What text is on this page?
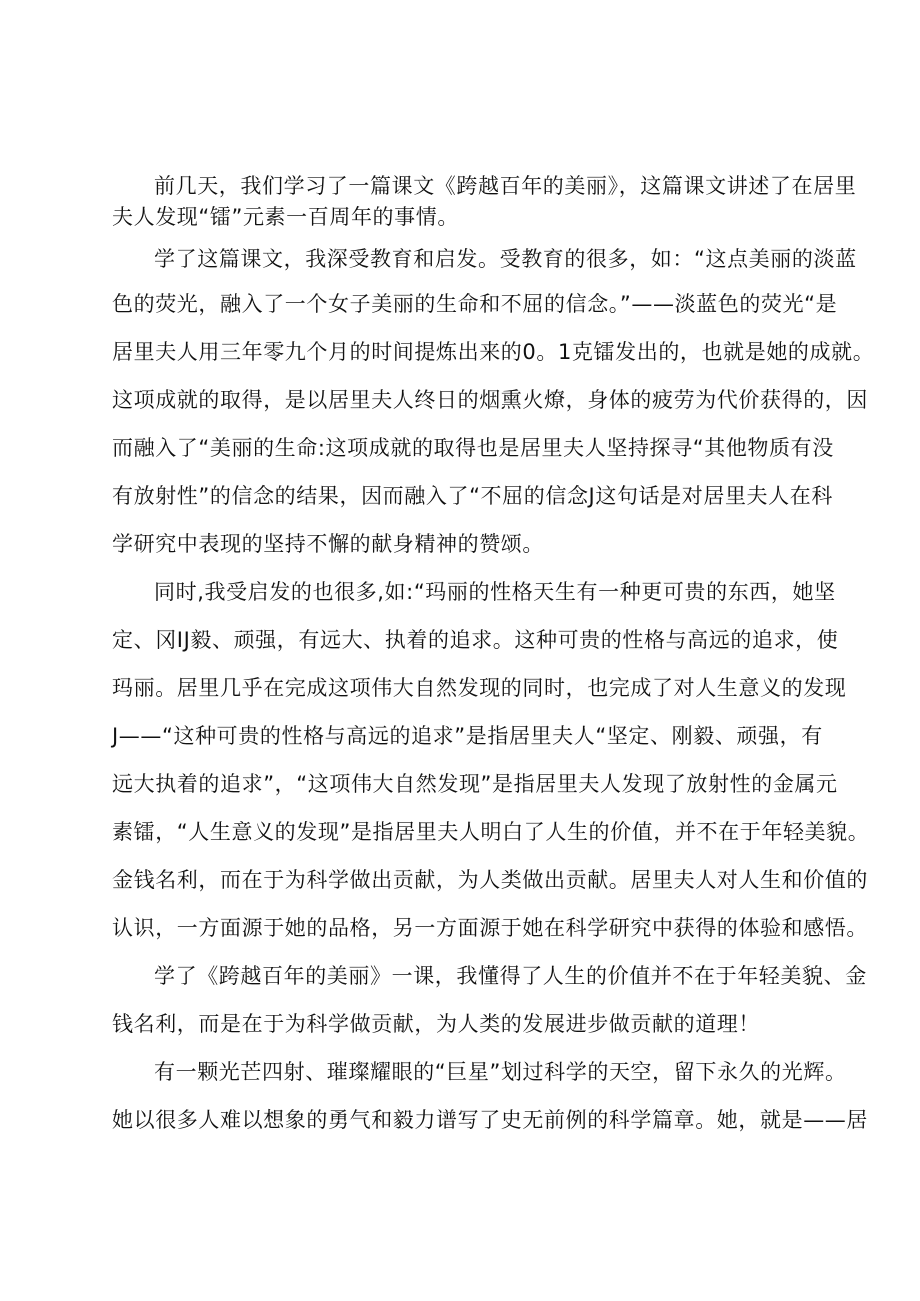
前几天，我们学习了一篇课文《跨越百年的美丽》，这篇课文讲述了在居里

夫人发现“镭”元素一百周年的事情。

学了这篇课文，我深受教育和启发。受教育的很多，如：“这点美丽的淡蓝

色的荧光，融入了一个女子美丽的生命和不屈的信念。”——淡蓝色的荧光“是

居里夫人用三年零九个月的时间提炼出来的0。1克镭发出的，也就是她的成就。

这项成就的取得，是以居里夫人终日的烟熏火燎，身体的疲劳为代价获得的，因

而融入了“美丽的生命:这项成就的取得也是居里夫人坚持探寻“其他物质有没

有放射性”的信念的结果，因而融入了“不屈的信念J这句话是对居里夫人在科

学研究中表现的坚持不懈的献身精神的赞颂。

同时,我受启发的也很多,如:“玛丽的性格天生有一种更可贵的东西，她坚

定、冈IJ毅、顽强，有远大、执着的追求。这种可贵的性格与高远的追求，使

玛丽。居里几乎在完成这项伟大自然发现的同时，也完成了对人生意义的发现

J——“这种可贵的性格与高远的追求”是指居里夫人“坚定、刚毅、顽强，有

远大执着的追求”，“这项伟大自然发现”是指居里夫人发现了放射性的金属元

素镭，“人生意义的发现”是指居里夫人明白了人生的价值，并不在于年轻美貌。

金钱名利，而在于为科学做出贡献，为人类做出贡献。居里夫人对人生和价值的

认识，一方面源于她的品格，另一方面源于她在科学研究中获得的体验和感悟。

学了《跨越百年的美丽》一课，我懂得了人生的价值并不在于年轻美貌、金

钱名利，而是在于为科学做贡献，为人类的发展进步做贡献的道理！

有一颗光芒四射、璀璨耀眼的“巨星”划过科学的天空，留下永久的光辉。

她以很多人难以想象的勇气和毅力谱写了史无前例的科学篇章。她，就是——居
